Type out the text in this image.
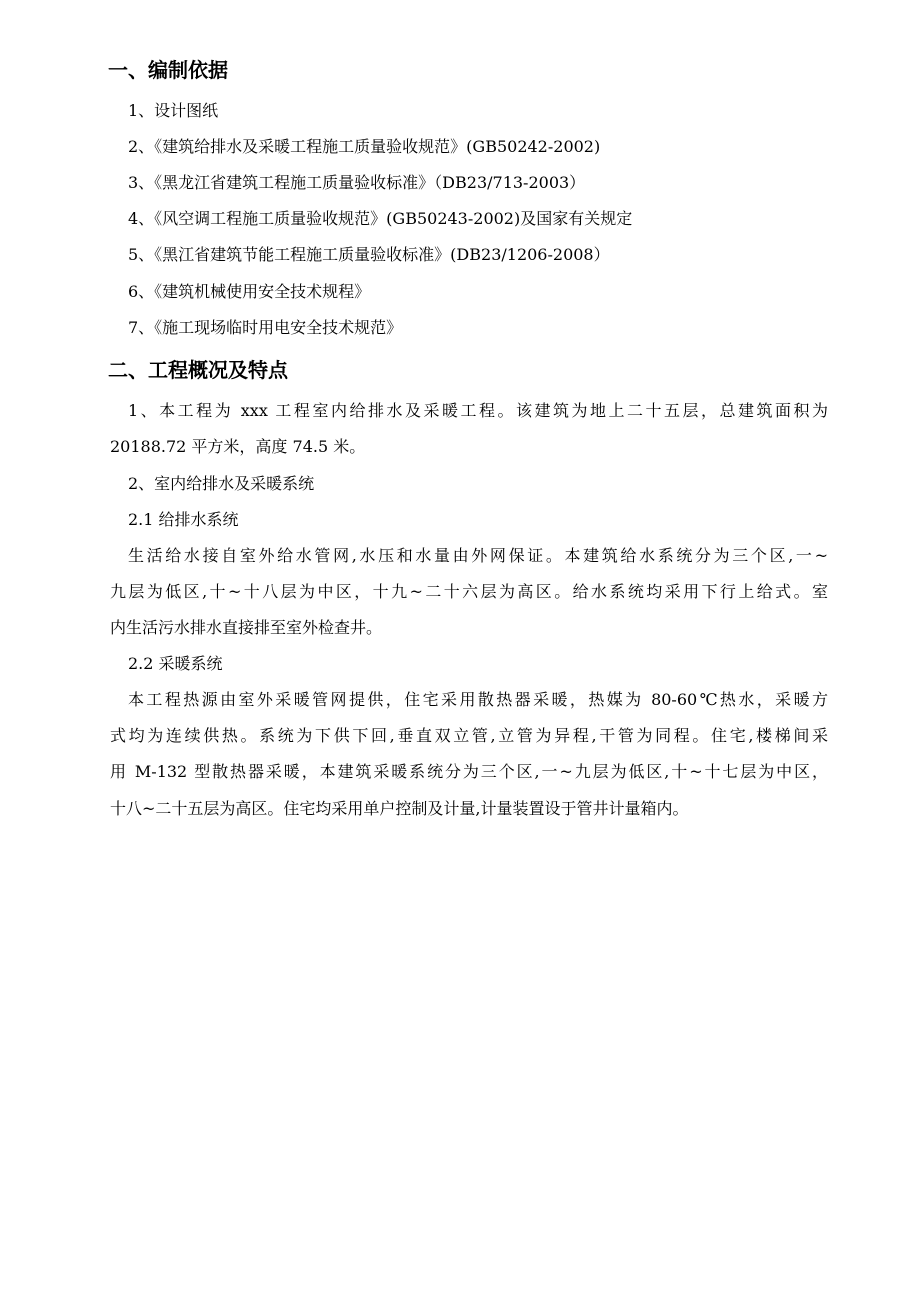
一、编制依据
1、设计图纸
2、《建筑给排水及采暖工程施工质量验收规范》(GB50242-2002)
3、《黑龙江省建筑工程施工质量验收标准》（DB23/713-2003）
4、《风空调工程施工质量验收规范》(GB50243-2002)及国家有关规定
5、《黑江省建筑节能工程施工质量验收标准》(DB23/1206-2008）
6、《建筑机械使用安全技术规程》
7、《施工现场临时用电安全技术规范》
二、工程概况及特点
1、本工程为 xxx 工程室内给排水及采暖工程。该建筑为地上二十五层，总建筑面积为
20188.72 平方米，高度 74.5 米。
2、室内给排水及采暖系统
2.1 给排水系统
生活给水接自室外给水管网,水压和水量由外网保证。本建筑给水系统分为三个区,一~
九层为低区,十~十八层为中区，十九~二十六层为高区。给水系统均采用下行上给式。室
内生活污水排水直接排至室外检查井。
2.2 采暖系统
本工程热源由室外采暖管网提供，住宅采用散热器采暖，热媒为 80-60℃热水，采暖方
式均为连续供热。系统为下供下回,垂直双立管,立管为异程,干管为同程。住宅,楼梯间采
用 M-132 型散热器采暖，本建筑采暖系统分为三个区,一~九层为低区,十~十七层为中区，
十八~二十五层为高区。住宅均采用单户控制及计量,计量装置设于管井计量箱内。
